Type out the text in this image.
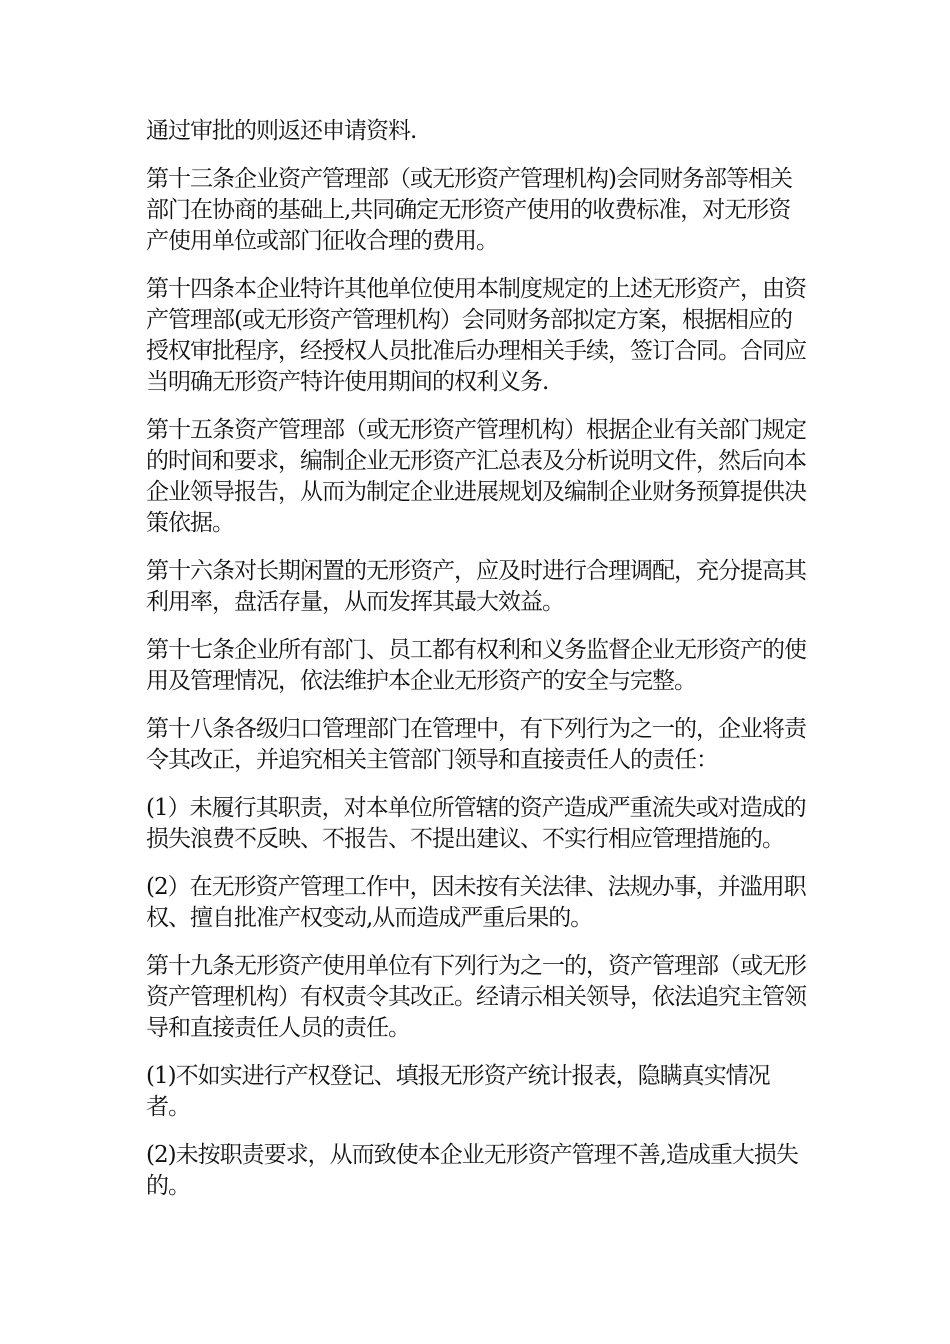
通过审批的则返还申请资料.

第十三条企业资产管理部（或无形资产管理机构)会同财务部等相关部门在协商的基础上,共同确定无形资产使用的收费标准，对无形资产使用单位或部门征收合理的费用。

第十四条本企业特许其他单位使用本制度规定的上述无形资产，由资产管理部(或无形资产管理机构）会同财务部拟定方案，根据相应的授权审批程序，经授权人员批准后办理相关手续，签订合同。合同应当明确无形资产特许使用期间的权利义务.

第十五条资产管理部（或无形资产管理机构）根据企业有关部门规定的时间和要求，编制企业无形资产汇总表及分析说明文件，然后向本企业领导报告，从而为制定企业进展规划及编制企业财务预算提供决策依据。

第十六条对长期闲置的无形资产，应及时进行合理调配，充分提高其利用率，盘活存量，从而发挥其最大效益。

第十七条企业所有部门、员工都有权利和义务监督企业无形资产的使用及管理情况，依法维护本企业无形资产的安全与完整。

第十八条各级归口管理部门在管理中，有下列行为之一的，企业将责令其改正，并追究相关主管部门领导和直接责任人的责任：

(1）未履行其职责，对本单位所管辖的资产造成严重流失或对造成的损失浪费不反映、不报告、不提出建议、不实行相应管理措施的。

(2）在无形资产管理工作中，因未按有关法律、法规办事，并滥用职权、擅自批准产权变动,从而造成严重后果的。

第十九条无形资产使用单位有下列行为之一的，资产管理部（或无形资产管理机构）有权责令其改正。经请示相关领导，依法追究主管领导和直接责任人员的责任。

(1)不如实进行产权登记、填报无形资产统计报表，隐瞒真实情况者。

(2)未按职责要求，从而致使本企业无形资产管理不善,造成重大损失的。
